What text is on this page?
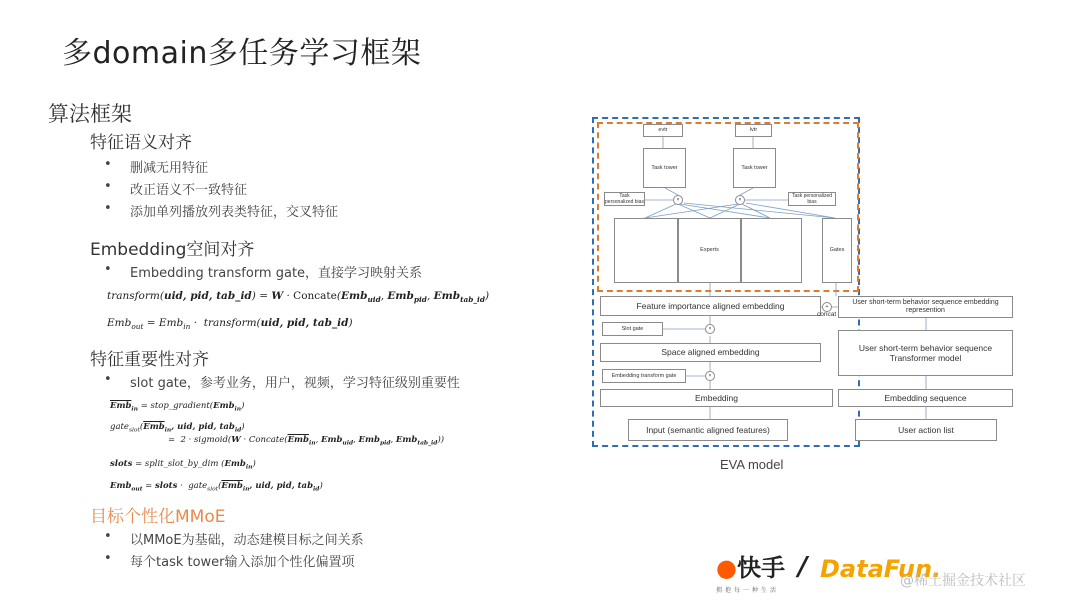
多domain多任务学习框架
算法框架
特征语义对齐
• 删减无用特征
• 改正语义不一致特征
• 添加单列播放列表类特征，交叉特征
Embedding空间对齐
• Embedding transform gate，直接学习映射关系
transform(uid, pid, tab_id) = W · Concate(Emb$_{uid}$, Emb$_{pid}$, Emb$_{tab\_id}$)
Emb$_{out}$ = Emb$_{in}$ ·  transform(uid, pid, tab_id)
特征重要性对齐
• slot gate，参考业务，用户，视频，学习特征级别重要性
$\overline{Emb}_{in}$ = stop_gradient(Emb$_{in}$)
$gate_{slot}(\overline{Emb}_{in}$, uid, pid, tab$_{id}$)
=  2 · sigmoid(W · $Concate(\overline{Emb}_{in}$, Emb$_{uid}$, Emb$_{pid}$, Emb$_{tab\_id}$))
slots = split_slot_by_dim (Emb$_{in}$)
Emb$_{out}$ = slots ·  $gate_{slot}(\overline{Emb}_{in}$, uid, pid, tab$_{id}$)
目标个性化MMoE
• 以MMoE为基础，动态建模目标之间关系
• 每个task tower输入添加个性化偏置项
evtr	lvtr
Task tower	Task tower
Task personalized bias
Task personalized bias
×	×
Experts	Gates
Feature importance aligned embedding	+
concat
User short-term behavior sequence embedding represention
Slot gate	×
Space aligned embedding	User short-term behavior sequence Transformer model
Embedding transform gate	×
Embedding	Embedding sequence
Input (semantic aligned features)	User action list
EVA model
●快手
拥抱每一种生活
/ DataFun.
@稀土掘金技术社区
